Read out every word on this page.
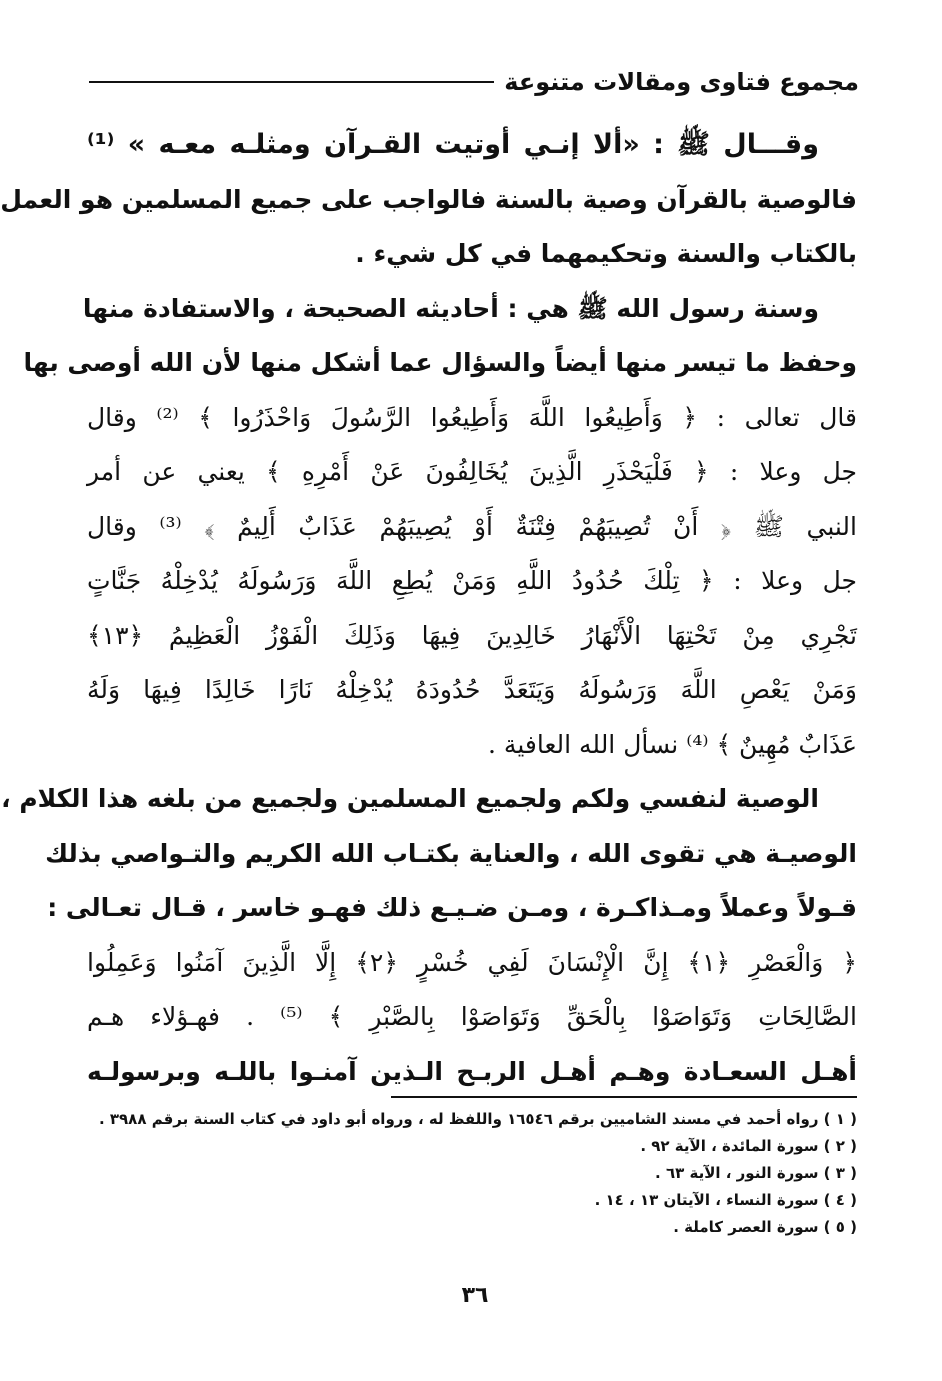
مجموع فتاوى ومقالات متنوعة
وقـــال ﷺ : «ألا إنـي أوتيت القـرآن ومثلـه معـه » ⁽¹⁾
فالوصية بالقرآن وصية بالسنة فالواجب على جميع المسلمين هو العمل
بالكتاب والسنة وتحكيمهما في كل شيء .
وسنة رسول الله ﷺ هي : أحاديثه الصحيحة ، والاستفادة منها
وحفظ ما تيسر منها أيضاً والسؤال عما أشكل منها لأن الله أوصى بها
قال تعالى : ﴿ وَأَطِيعُوا اللَّهَ وَأَطِيعُوا الرَّسُولَ وَاحْذَرُوا ﴾ ⁽²⁾ وقال
جل وعلا : ﴿ فَلْيَحْذَرِ الَّذِينَ يُخَالِفُونَ عَنْ أَمْرِهِ ﴾ يعني عن أمر
النبي ﷺ ﴿ أَنْ تُصِيبَهُمْ فِتْنَةٌ أَوْ يُصِيبَهُمْ عَذَابٌ أَلِيمٌ ﴾ ⁽³⁾ وقال
جل وعلا : ﴿ تِلْكَ حُدُودُ اللَّهِ وَمَنْ يُطِعِ اللَّهَ وَرَسُولَهُ يُدْخِلْهُ جَنَّاتٍ
تَجْرِي مِنْ تَحْتِهَا الْأَنْهَارُ خَالِدِينَ فِيهَا وَذَلِكَ الْفَوْزُ الْعَظِيمُ ﴿١٣﴾
وَمَنْ يَعْصِ اللَّهَ وَرَسُولَهُ وَيَتَعَدَّ حُدُودَهُ يُدْخِلْهُ نَارًا خَالِدًا فِيهَا وَلَهُ
عَذَابٌ مُهِينٌ ﴾ ⁽⁴⁾ نسأل الله العافية .
الوصية لنفسي ولكم ولجميع المسلمين ولجميع من بلغه هذا الكلام ،
الوصيـة هي تقوى الله ، والعناية بكتـاب الله الكريم والتـواصي بذلك
قـولاً وعملاً ومـذاكـرة ، ومـن ضـيـع ذلك فهـو خاسر ، قـال تعـالى :
﴿ وَالْعَصْرِ ﴿١﴾ إِنَّ الْإِنْسَانَ لَفِي خُسْرٍ ﴿٢﴾ إِلَّا الَّذِينَ آمَنُوا وَعَمِلُوا
الصَّالِحَاتِ وَتَوَاصَوْا بِالْحَقِّ وَتَوَاصَوْا بِالصَّبْرِ ﴾ ⁽⁵⁾ . فهـؤلاء هـم
أهـل السعـادة وهـم أهـل الربـح الـذين آمنـوا باللـه وبرسولـه
( ١ ) رواه أحمد في مسند الشاميين برقم ١٦٥٤٦ واللفظ له ، ورواه أبو داود في كتاب السنة برقم ٣٩٨٨ .
( ٢ ) سورة المائدة ، الآية ٩٢ .
( ٣ ) سورة النور ، الآية ٦٣ .
( ٤ ) سورة النساء ، الآيتان ١٣ ، ١٤ .
( ٥ ) سورة العصر كاملة .
٣٦
